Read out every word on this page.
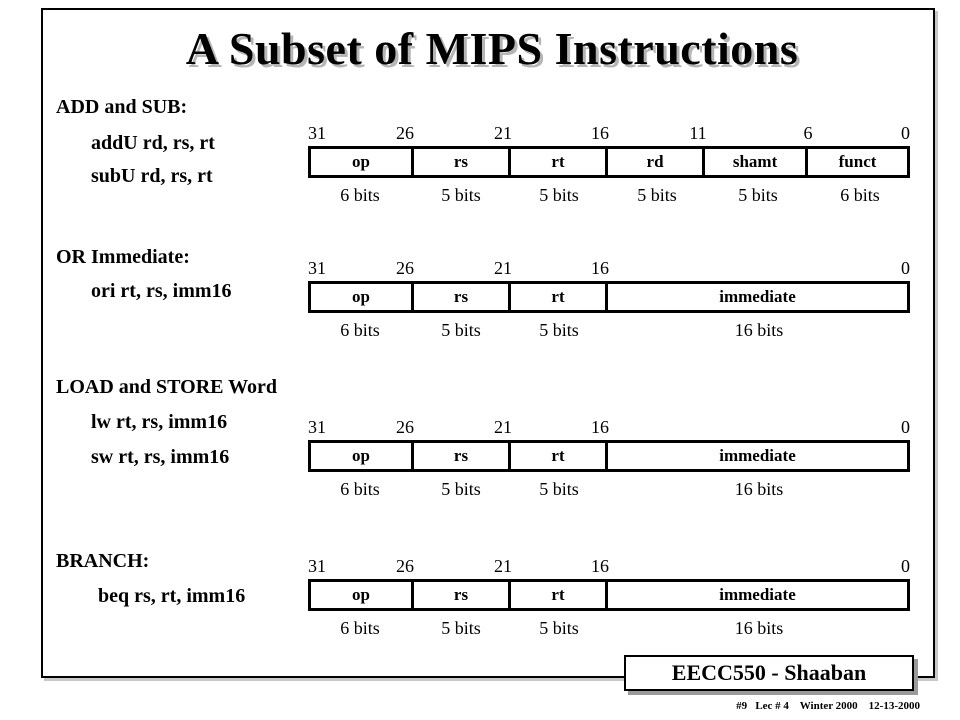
A Subset of MIPS Instructions
ADD and SUB:
addU rd, rs, rt
subU rd, rs, rt
OR Immediate:
ori rt, rs, imm16
LOAD and STORE Word
lw rt, rs, imm16
sw rt, rs, imm16
BRANCH:
beq rs, rt, imm16
31	26	21	16	11	6	0
op	rs	rt	rd	shamt	funct
6 bits	5 bits	5 bits	5 bits	5 bits	6 bits
31	26	21	16	0
op	rs	rt	immediate
6 bits	5 bits	5 bits	16 bits
31	26	21	16	0
op	rs	rt	immediate
6 bits	5 bits	5 bits	16 bits
31	26	21	16	0
op	rs	rt	immediate
6 bits	5 bits	5 bits	16 bits
EECC550 - Shaaban
#9   Lec # 4    Winter 2000    12-13-2000
